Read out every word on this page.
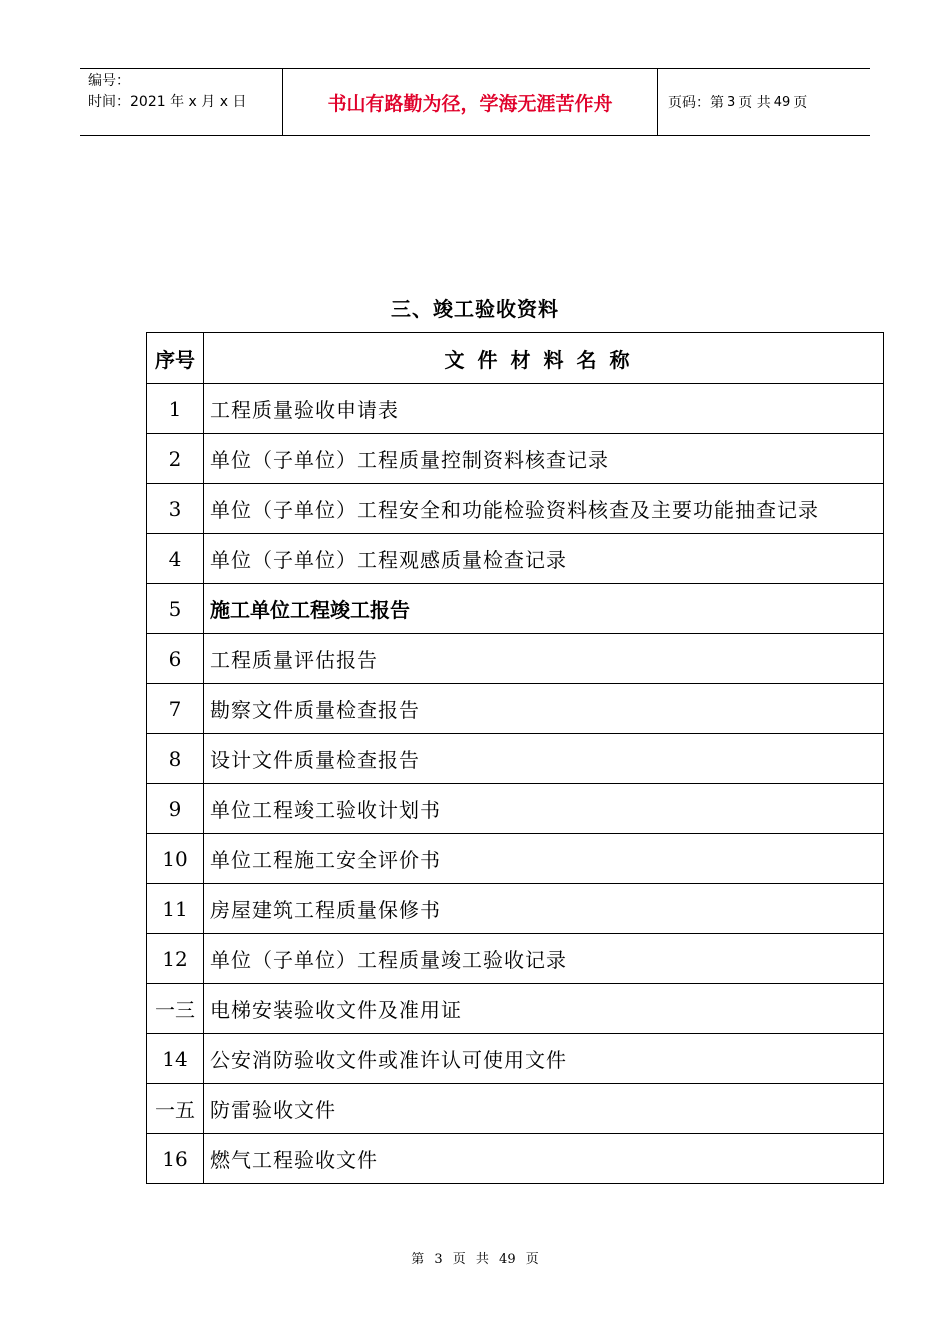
编号：
时间：2021 年 x 月 x 日	书山有路勤为径，学海无涯苦作舟	页码：第 3 页 共 49 页
三、竣工验收资料
序号	文件材料名称
1	工程质量验收申请表
2	单位（子单位）工程质量控制资料核查记录
3	单位（子单位）工程安全和功能检验资料核查及主要功能抽查记录
4	单位（子单位）工程观感质量检查记录
5	施工单位工程竣工报告
6	工程质量评估报告
7	勘察文件质量检查报告
8	设计文件质量检查报告
9	单位工程竣工验收计划书
10	单位工程施工安全评价书
11	房屋建筑工程质量保修书
12	单位（子单位）工程质量竣工验收记录
一三	电梯安装验收文件及准用证
14	公安消防验收文件或准许认可使用文件
一五	防雷验收文件
16	燃气工程验收文件
第 3 页 共 49 页
